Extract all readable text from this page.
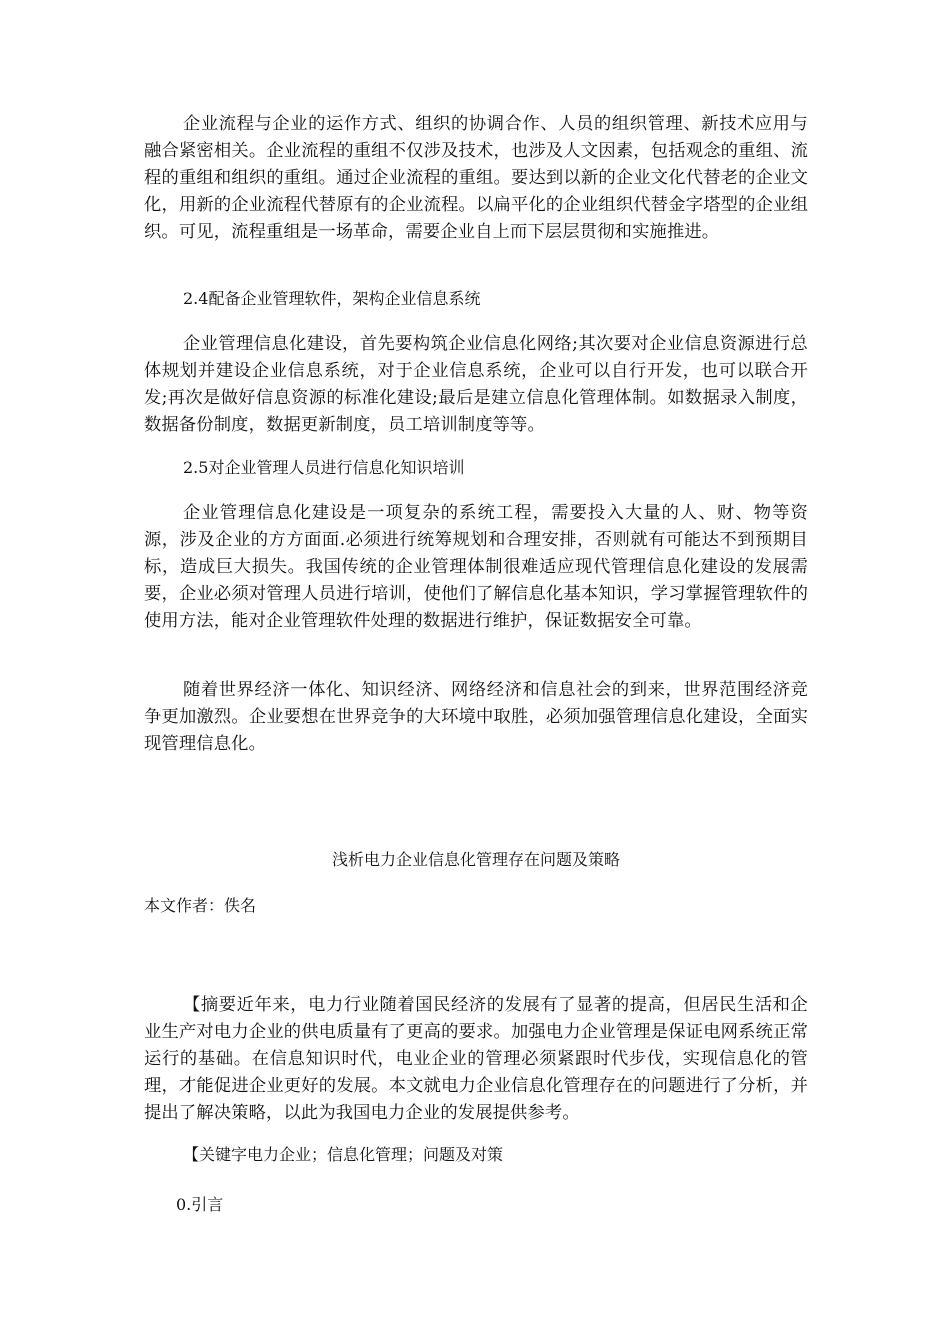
企业流程与企业的运作方式、组织的协调合作、人员的组织管理、新技术应用与融合紧密相关。企业流程的重组不仅涉及技术，也涉及人文因素，包括观念的重组、流程的重组和组织的重组。通过企业流程的重组。要达到以新的企业文化代替老的企业文化，用新的企业流程代替原有的企业流程。以扁平化的企业组织代替金字塔型的企业组织。可见，流程重组是一场革命，需要企业自上而下层层贯彻和实施推进。

2.4配备企业管理软件，架构企业信息系统

企业管理信息化建设，首先要构筑企业信息化网络;其次要对企业信息资源进行总体规划并建设企业信息系统，对于企业信息系统，企业可以自行开发，也可以联合开发;再次是做好信息资源的标准化建设;最后是建立信息化管理体制。如数据录入制度，数据备份制度，数据更新制度，员工培训制度等等。

2.5对企业管理人员进行信息化知识培训

企业管理信息化建设是一项复杂的系统工程，需要投入大量的人、财、物等资源，涉及企业的方方面面.必须进行统筹规划和合理安排，否则就有可能达不到预期目标，造成巨大损失。我国传统的企业管理体制很难适应现代管理信息化建设的发展需要，企业必须对管理人员进行培训，使他们了解信息化基本知识，学习掌握管理软件的使用方法，能对企业管理软件处理的数据进行维护，保证数据安全可靠。

随着世界经济一体化、知识经济、网络经济和信息社会的到来，世界范围经济竞争更加激烈。企业要想在世界竞争的大环境中取胜，必须加强管理信息化建设，全面实现管理信息化。

浅析电力企业信息化管理存在问题及策略

本文作者：佚名

【摘要近年来，电力行业随着国民经济的发展有了显著的提高，但居民生活和企业生产对电力企业的供电质量有了更高的要求。加强电力企业管理是保证电网系统正常运行的基础。在信息知识时代，电业企业的管理必须紧跟时代步伐，实现信息化的管理，才能促进企业更好的发展。本文就电力企业信息化管理存在的问题进行了分析，并提出了解决策略，以此为我国电力企业的发展提供参考。

【关键字电力企业；信息化管理；问题及对策

0.引言
